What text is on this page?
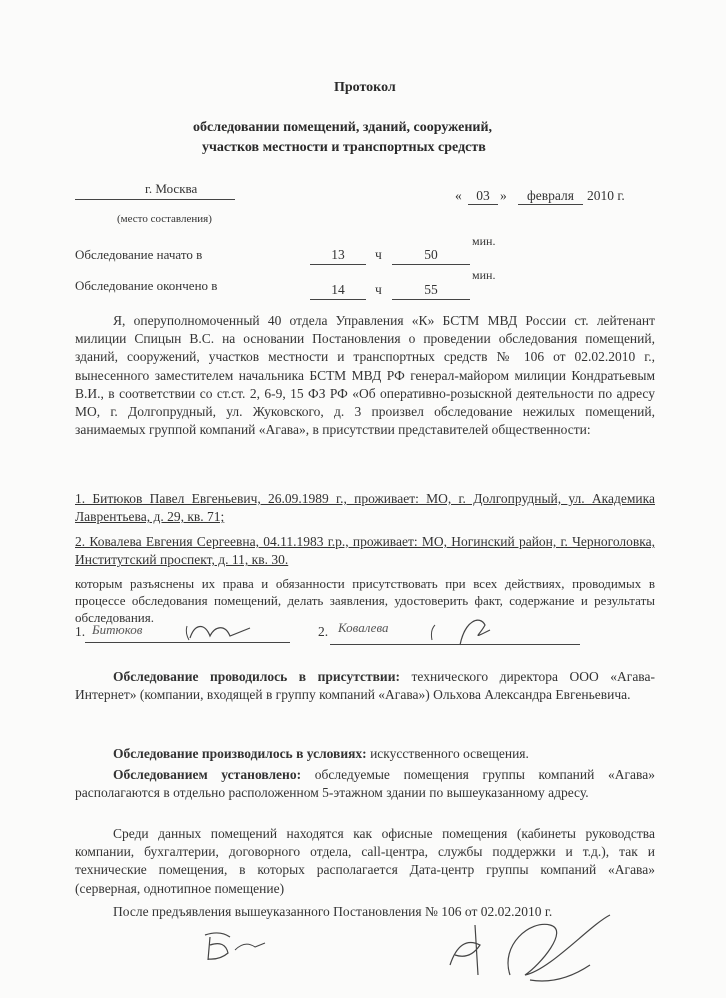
Протокол
обследовании помещений, зданий, сооружений,
участков местности и транспортных средств
г. Москва
(место составления)
«	03 »	февраля 2010 г.
Обследование начато в	13	ч	50
мин.
Обследование окончено в	14	ч	55
мин.
Я, оперуполномоченный 40 отдела Управления «К» БСТМ МВД России ст. лейтенант милиции Спицын В.С. на основании Постановления о проведении обследования помещений, зданий, сооружений, участков местности и транспортных средств № 106 от 02.02.2010 г., вынесенного заместителем начальника БСТМ МВД РФ генерал-майором милиции Кондратьевым В.И., в соответствии со ст.ст. 2, 6-9, 15 ФЗ РФ «Об оперативно-розыскной деятельности по адресу МО, г. Долгопрудный, ул. Жуковского, д. 3 произвел обследование нежилых помещений, занимаемых группой компаний «Агава», в присутствии представителей общественности:
1. Битюков Павел Евгеньевич, 26.09.1989 г., проживает: МО, г. Долгопрудный, ул. Академика Лаврентьева, д. 29, кв. 71;
2. Ковалева Евгения Сергеевна, 04.11.1983 г.р., проживает: МО, Ногинский район, г. Черноголовка, Институтский проспект, д. 11, кв. 30.
которым разъяснены их права и обязанности присутствовать при всех действиях, проводимых в процессе обследования помещений, делать заявления, удостоверить факт, содержание и результаты обследования.
1. Битюков	2. Ковалева
Обследование проводилось в присутствии: технического директора ООО «Агава-Интернет» (компании, входящей в группу компаний «Агава») Ольхова Александра Евгеньевича.
Обследование производилось в условиях: искусственного освещения.
Обследованием установлено: обследуемые помещения группы компаний «Агава» располагаются в отдельно расположенном 5-этажном здании по вышеуказанному адресу.
Среди данных помещений находятся как офисные помещения (кабинеты руководства компании, бухгалтерии, договорного отдела, call-центра, службы поддержки и т.д.), так и технические помещения, в которых располагается Дата-центр группы компаний «Агава» (серверная, однотипное помещение)
После предъявления вышеуказанного Постановления № 106 от 02.02.2010 г.
